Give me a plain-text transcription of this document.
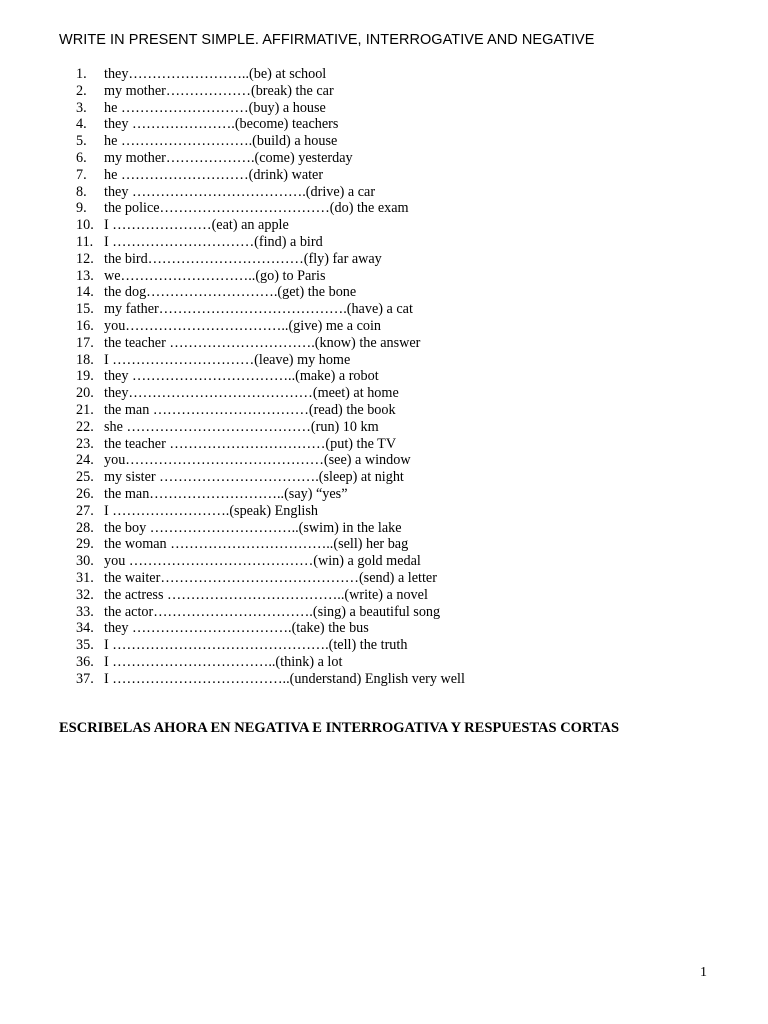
WRITE IN PRESENT SIMPLE. AFFIRMATIVE, INTERROGATIVE AND NEGATIVE
1. they……………………..(be) at school
2. my mother………………(break) the car
3. he ………………………(buy) a house
4. they ………………….(become) teachers
5. he ……………………….(build) a house
6. my mother……………….(come) yesterday
7. he ………………………(drink) water
8. they ……………………………….(drive) a car
9. the police………………………………(do) the exam
10. I …………………(eat) an apple
11. I …………………………(find) a bird
12. the bird……………………………(fly) far away
13. we………………………..(go) to Paris
14. the dog……………………….(get) the bone
15. my father………………………………….(have) a cat
16. you……………………………..(give) me a coin
17. the teacher ………………………….(know) the answer
18. I …………………………(leave) my home
19. they ……………………………..(make) a robot
20. they…………………………………(meet) at home
21. the man ……………………………(read) the book
22. she …………………………………(run) 10 km
23. the teacher ……………………………(put) the TV
24. you……………………………………(see) a window
25. my sister …………………………….(sleep) at night
26. the man………………………..(say) “yes”
27. I …………………….(speak) English
28. the boy …………………………..(swim) in the lake
29. the woman ……………………………..(sell) her bag
30. you …………………………………(win) a gold medal
31. the waiter……………………………………(send) a letter
32. the actress ………………………………..(write) a novel
33. the actor…………………………….(sing) a beautiful song
34. they …………………………….(take) the bus
35. I ……………………………………….(tell) the truth
36. I ……………………………..(think) a lot
37.I ………………………………..(understand) English very well
ESCRIBELAS AHORA EN NEGATIVA E INTERROGATIVA Y RESPUESTAS CORTAS
1
